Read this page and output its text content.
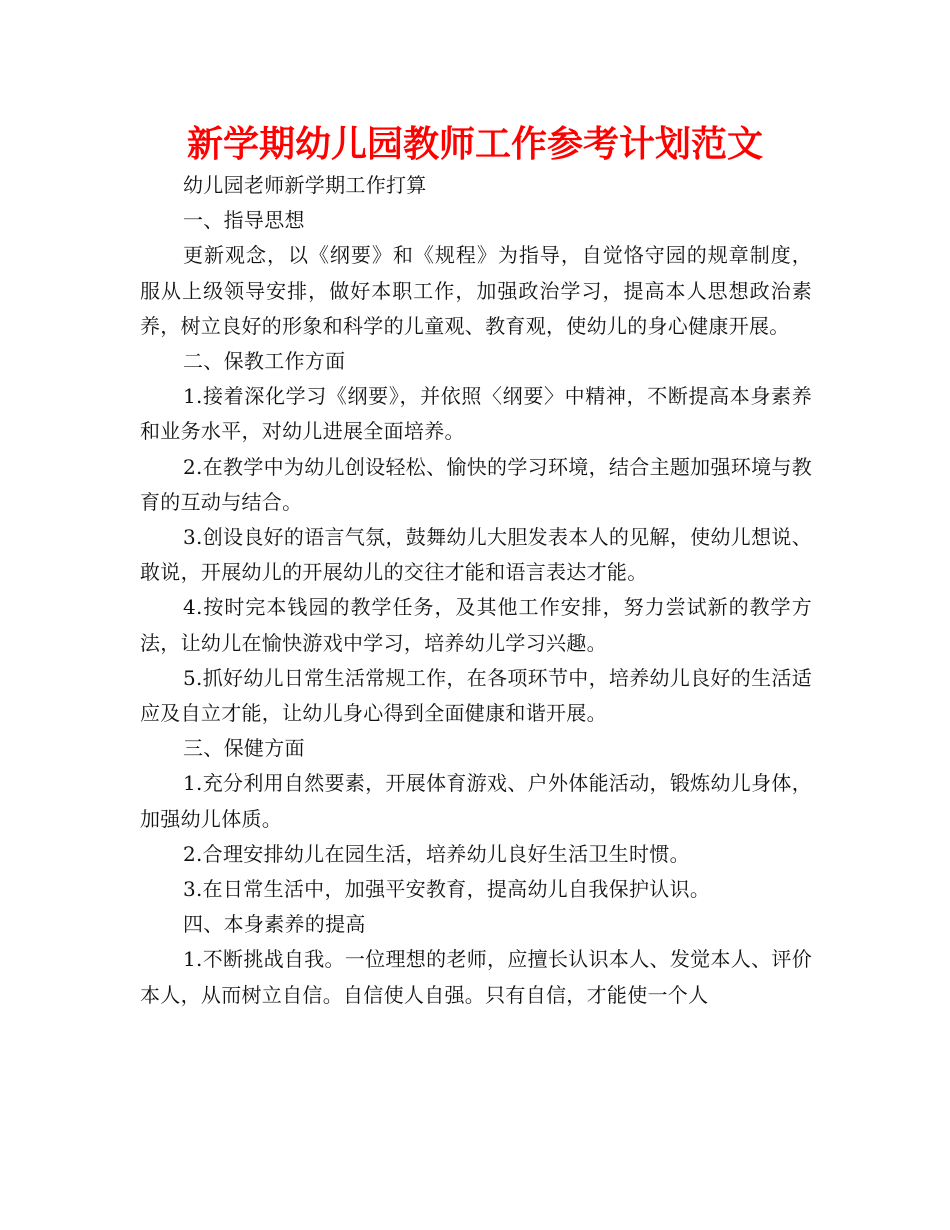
新学期幼儿园教师工作参考计划范文

幼儿园老师新学期工作打算

一、指导思想

更新观念，以《纲要》和《规程》为指导，自觉恪守园的规章制度，服从上级领导安排，做好本职工作，加强政治学习，提高本人思想政治素养，树立良好的形象和科学的儿童观、教育观，使幼儿的身心健康开展。

二、保教工作方面

1.接着深化学习《纲要》，并依照〈纲要〉中精神，不断提高本身素养和业务水平，对幼儿进展全面培养。

2.在教学中为幼儿创设轻松、愉快的学习环境，结合主题加强环境与教育的互动与结合。

3.创设良好的语言气氛，鼓舞幼儿大胆发表本人的见解，使幼儿想说、敢说，开展幼儿的开展幼儿的交往才能和语言表达才能。

4.按时完本钱园的教学任务，及其他工作安排，努力尝试新的教学方法，让幼儿在愉快游戏中学习，培养幼儿学习兴趣。

5.抓好幼儿日常生活常规工作，在各项环节中，培养幼儿良好的生活适应及自立才能，让幼儿身心得到全面健康和谐开展。

三、保健方面

1.充分利用自然要素，开展体育游戏、户外体能活动，锻炼幼儿身体，加强幼儿体质。

2.合理安排幼儿在园生活，培养幼儿良好生活卫生时惯。

3.在日常生活中，加强平安教育，提高幼儿自我保护认识。

四、本身素养的提高

1.不断挑战自我。一位理想的老师，应擅长认识本人、发觉本人、评价本人，从而树立自信。自信使人自强。只有自信，才能使一个人
